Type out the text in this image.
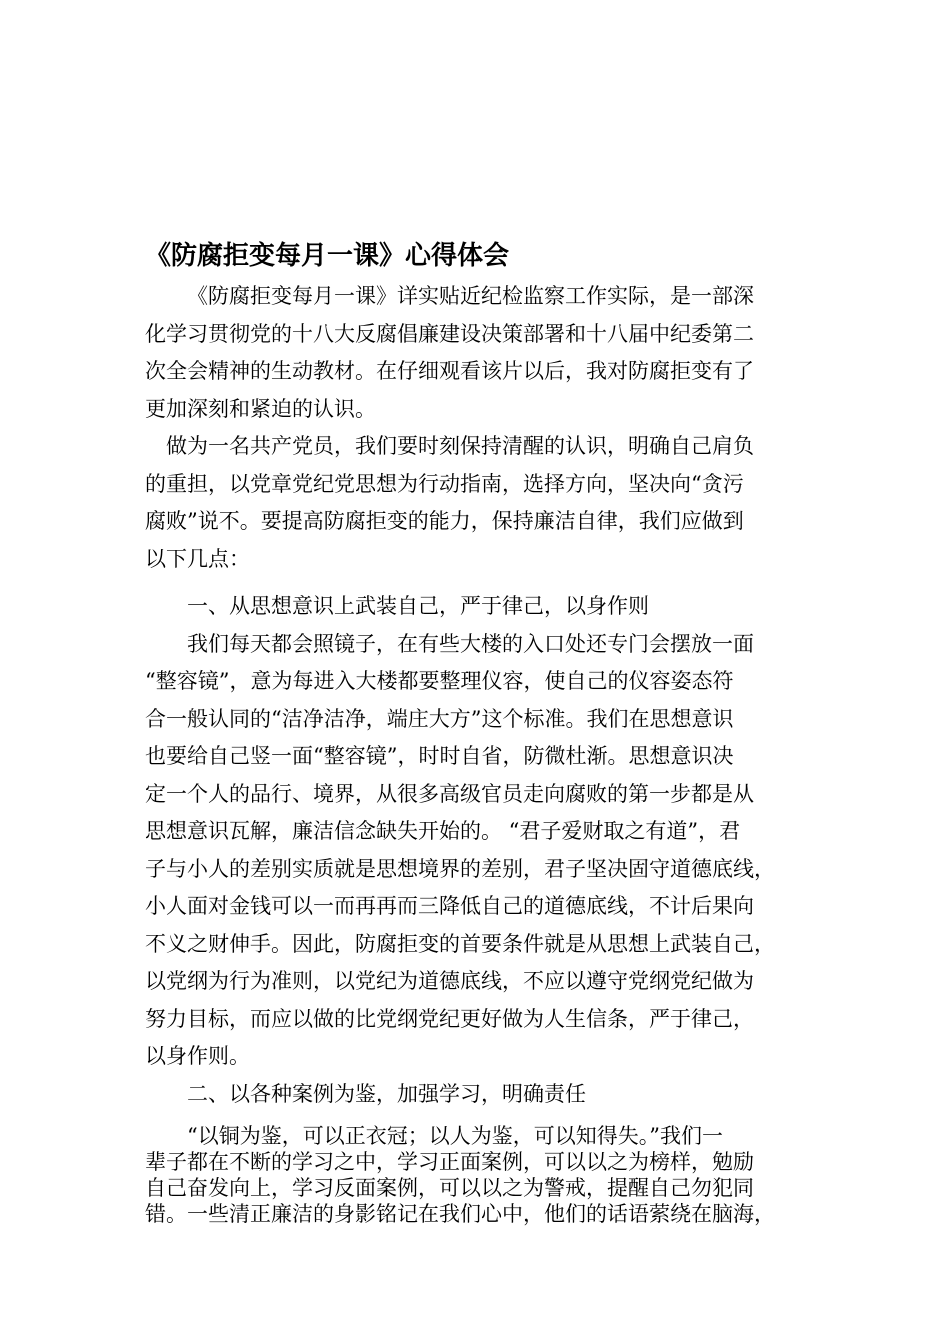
《防腐拒变每月一课》心得体会

《防腐拒变每月一课》详实贴近纪检监察工作实际，是一部深
化学习贯彻党的十八大反腐倡廉建设决策部署和十八届中纪委第二
次全会精神的生动教材。在仔细观看该片以后，我对防腐拒变有了
更加深刻和紧迫的认识。

做为一名共产党员，我们要时刻保持清醒的认识，明确自己肩负
的重担，以党章党纪党思想为行动指南，选择方向，坚决向“贪污
腐败”说不。要提高防腐拒变的能力，保持廉洁自律，我们应做到
以下几点：

一、从思想意识上武装自己，严于律己，以身作则

我们每天都会照镜子，在有些大楼的入口处还专门会摆放一面
“整容镜”，意为每进入大楼都要整理仪容，使自己的仪容姿态符
合一般认同的“洁净洁净，端庄大方”这个标准。我们在思想意识
也要给自己竖一面“整容镜”，时时自省，防微杜渐。思想意识决
定一个人的品行、境界，从很多高级官员走向腐败的第一步都是从
思想意识瓦解，廉洁信念缺失开始的。 “君子爱财取之有道”，君
子与小人的差别实质就是思想境界的差别，君子坚决固守道德底线，
小人面对金钱可以一而再再而三降低自己的道德底线，不计后果向
不义之财伸手。因此，防腐拒变的首要条件就是从思想上武装自己，
以党纲为行为准则，以党纪为道德底线，不应以遵守党纲党纪做为
努力目标，而应以做的比党纲党纪更好做为人生信条，严于律己，
以身作则。

二、以各种案例为鉴，加强学习，明确责任

“以铜为鉴，可以正衣冠；以人为鉴，可以知得失。”我们一
辈子都在不断的学习之中，学习正面案例，可以以之为榜样，勉励
自己奋发向上，学习反面案例，可以以之为警戒，提醒自己勿犯同
错。一些清正廉洁的身影铭记在我们心中，他们的话语萦绕在脑海，
